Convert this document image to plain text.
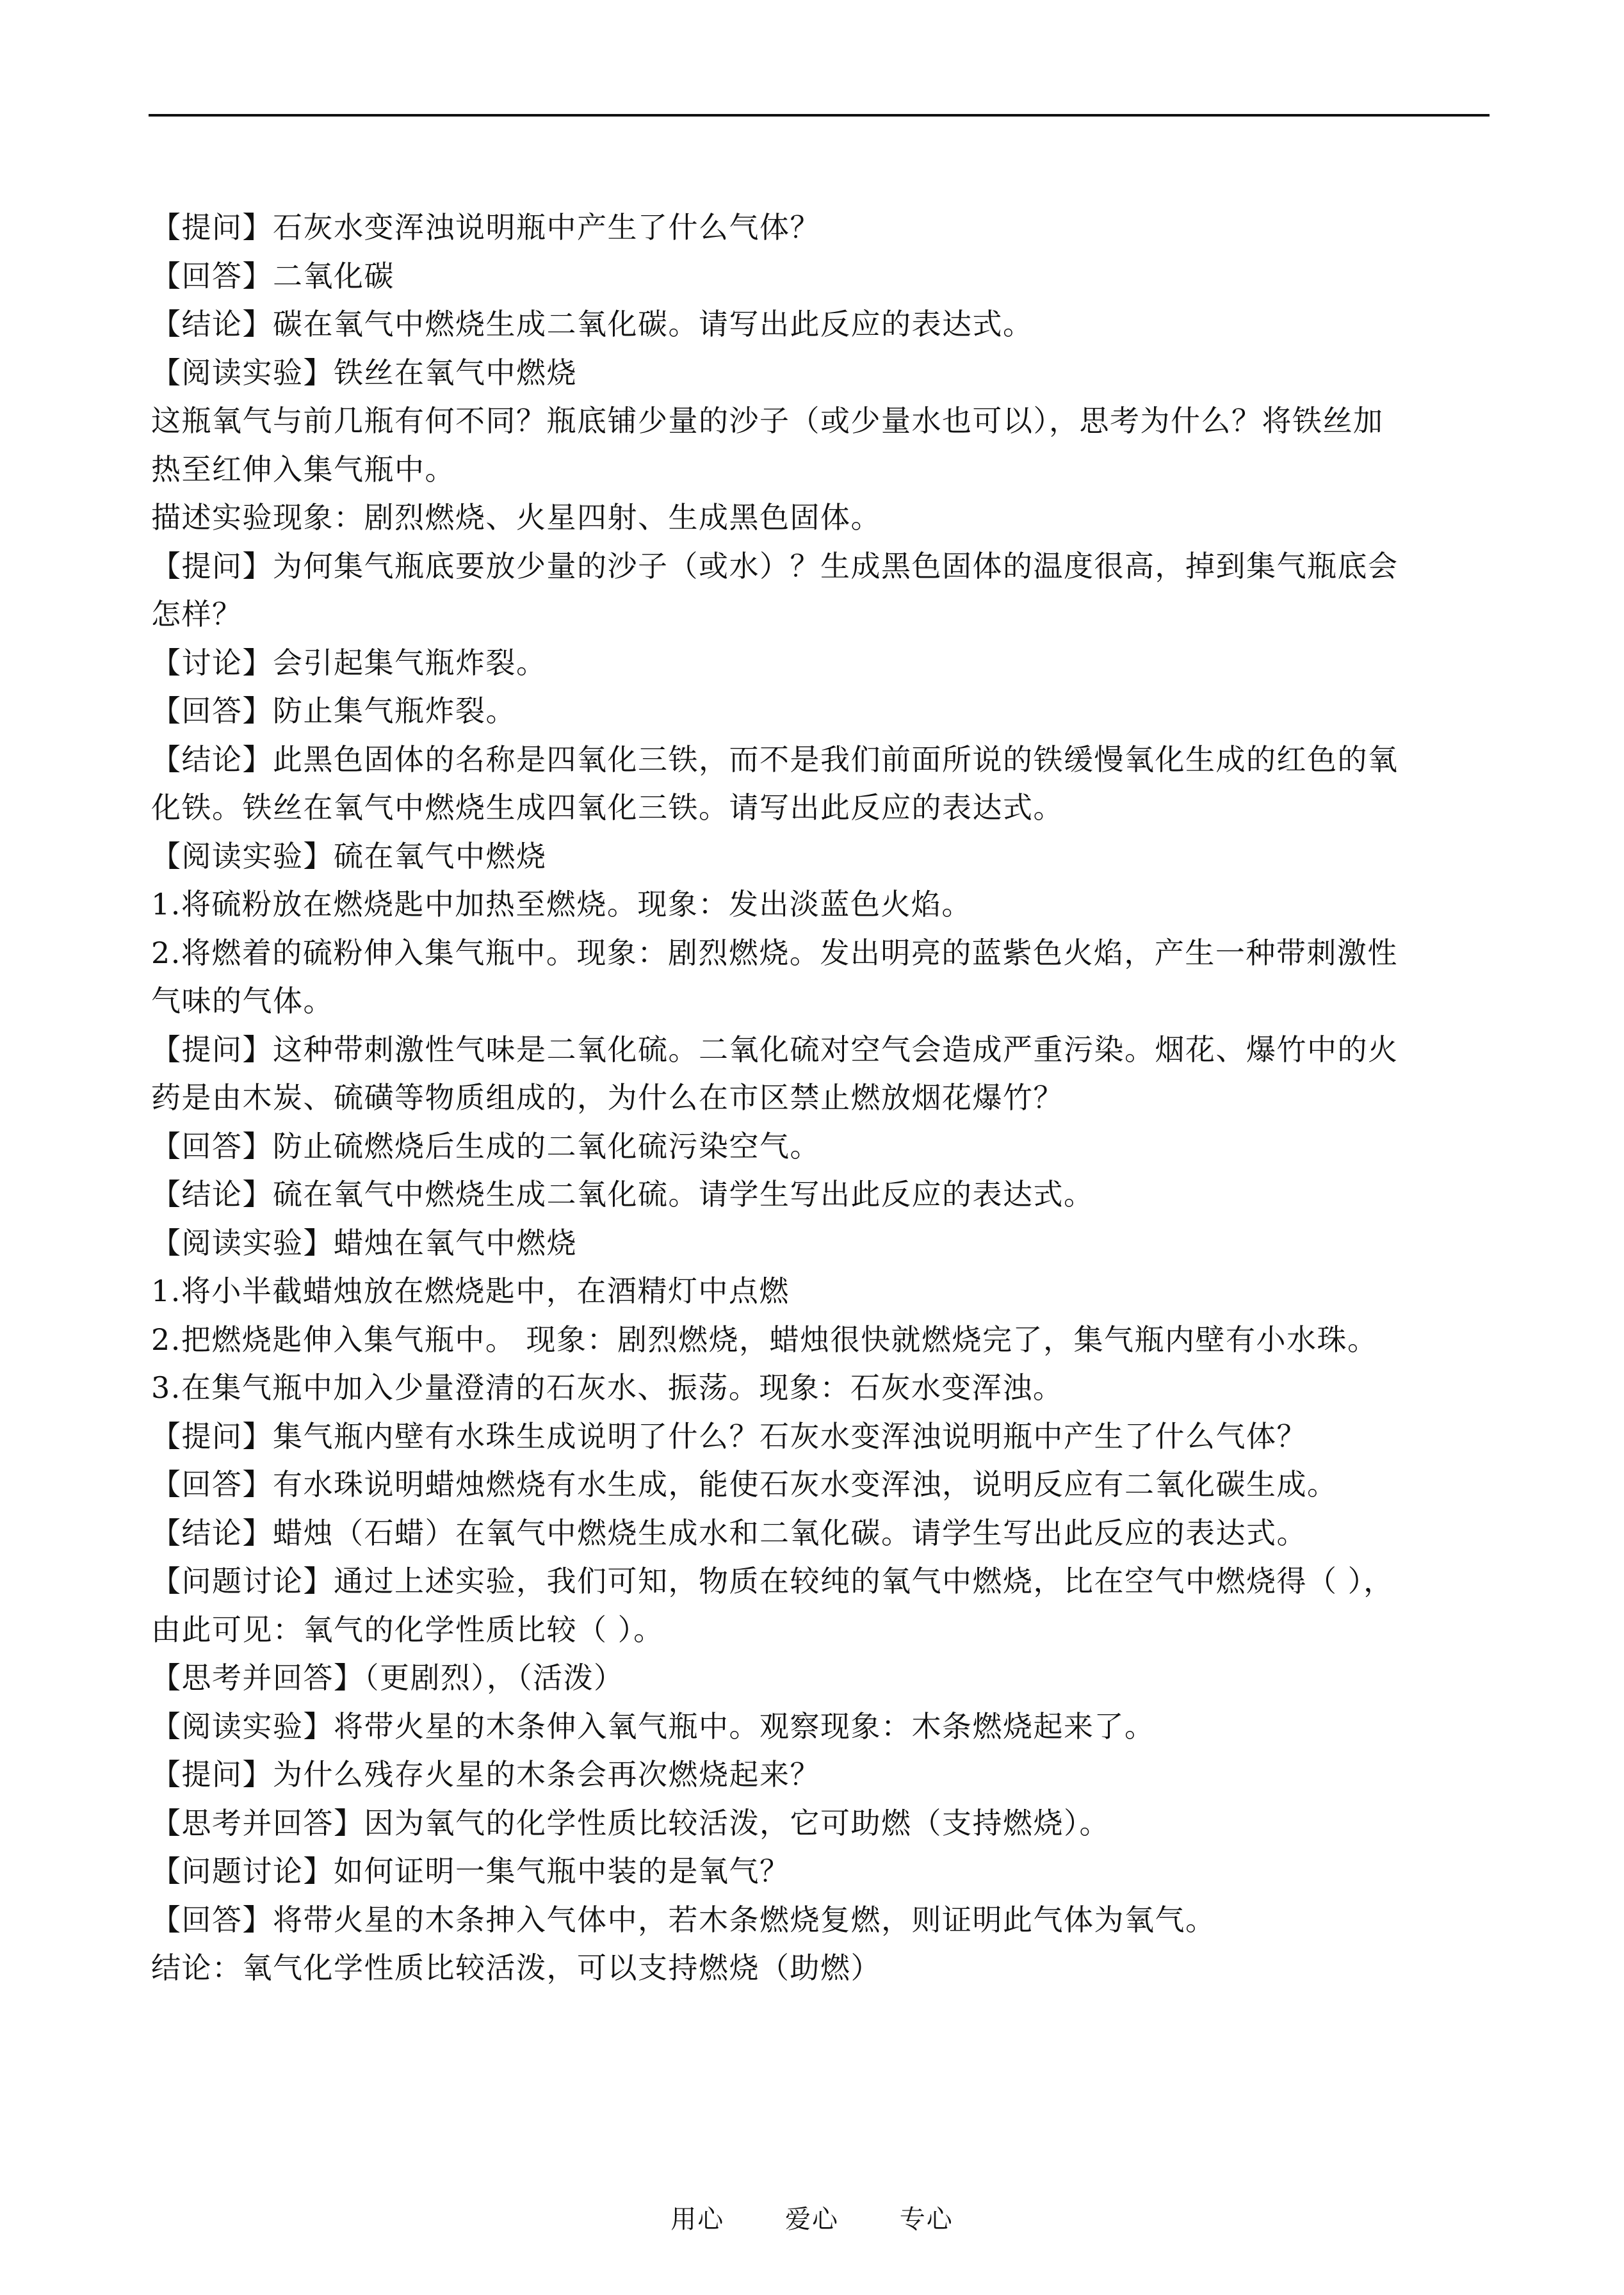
【提问】石灰水变浑浊说明瓶中产生了什么气体？
【回答】二氧化碳
【结论】碳在氧气中燃烧生成二氧化碳。请写出此反应的表达式。
【阅读实验】铁丝在氧气中燃烧
这瓶氧气与前几瓶有何不同？瓶底铺少量的沙子（或少量水也可以），思考为什么？将铁丝加
热至红伸入集气瓶中。
描述实验现象：剧烈燃烧、火星四射、生成黑色固体。
【提问】为何集气瓶底要放少量的沙子（或水）？生成黑色固体的温度很高，掉到集气瓶底会
怎样？
【讨论】会引起集气瓶炸裂。
【回答】防止集气瓶炸裂。
【结论】此黑色固体的名称是四氧化三铁，而不是我们前面所说的铁缓慢氧化生成的红色的氧
化铁。铁丝在氧气中燃烧生成四氧化三铁。请写出此反应的表达式。
【阅读实验】硫在氧气中燃烧
1.将硫粉放在燃烧匙中加热至燃烧。现象：发出淡蓝色火焰。
2.将燃着的硫粉伸入集气瓶中。现象：剧烈燃烧。发出明亮的蓝紫色火焰，产生一种带刺激性
气味的气体。
【提问】这种带刺激性气味是二氧化硫。二氧化硫对空气会造成严重污染。烟花、爆竹中的火
药是由木炭、硫磺等物质组成的，为什么在市区禁止燃放烟花爆竹？
【回答】防止硫燃烧后生成的二氧化硫污染空气。
【结论】硫在氧气中燃烧生成二氧化硫。请学生写出此反应的表达式。
【阅读实验】蜡烛在氧气中燃烧
1.将小半截蜡烛放在燃烧匙中，在酒精灯中点燃
2.把燃烧匙伸入集气瓶中。 现象：剧烈燃烧，蜡烛很快就燃烧完了，集气瓶内壁有小水珠。
3.在集气瓶中加入少量澄清的石灰水、振荡。现象：石灰水变浑浊。
【提问】集气瓶内壁有水珠生成说明了什么？石灰水变浑浊说明瓶中产生了什么气体？
【回答】有水珠说明蜡烛燃烧有水生成，能使石灰水变浑浊，说明反应有二氧化碳生成。
【结论】蜡烛（石蜡）在氧气中燃烧生成水和二氧化碳。请学生写出此反应的表达式。
【问题讨论】通过上述实验，我们可知，物质在较纯的氧气中燃烧，比在空气中燃烧得（ ），
由此可见：氧气的化学性质比较（ ）。
【思考并回答】（更剧烈），（活泼）
【阅读实验】将带火星的木条伸入氧气瓶中。观察现象：木条燃烧起来了。
【提问】为什么残存火星的木条会再次燃烧起来？
【思考并回答】因为氧气的化学性质比较活泼，它可助燃（支持燃烧）。
【问题讨论】如何证明一集气瓶中装的是氧气？
【回答】将带火星的木条抻入气体中，若木条燃烧复燃，则证明此气体为氧气。
结论：氧气化学性质比较活泼，可以支持燃烧（助燃）
用心 爱心 专心
